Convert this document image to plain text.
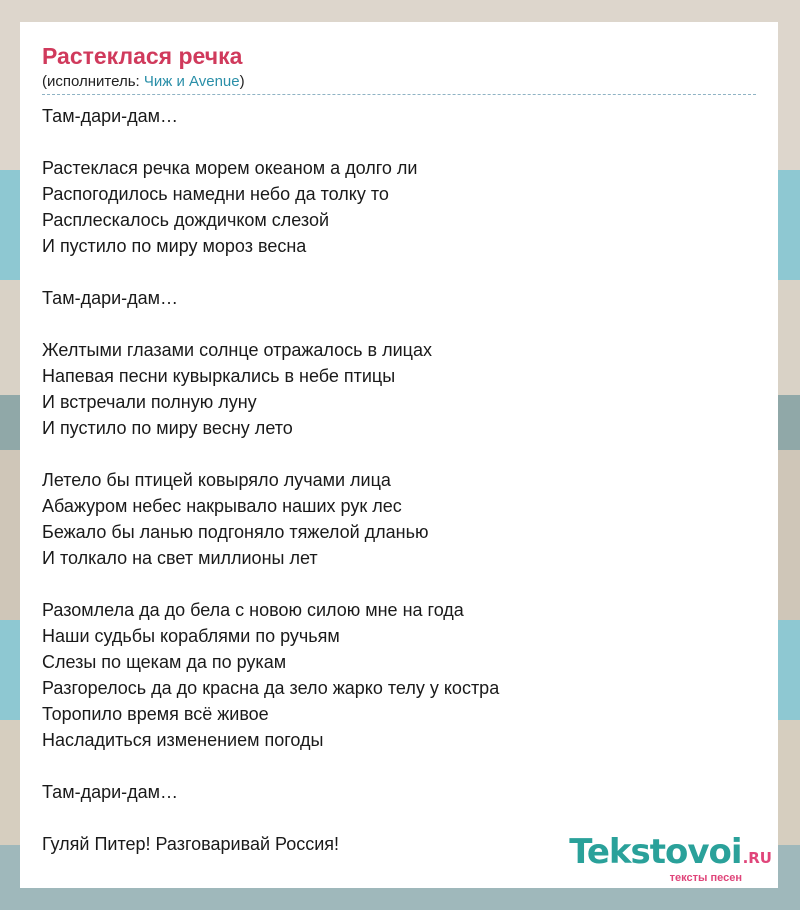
Растеклася речка
(исполнитель: Чиж и Avenue)
Там-дари-дам…
Растеклася речка морем океаном а долго ли
Распогодилось намедни небо да толку то
Расплескалось дождичком слезой
И пустило по миру мороз весна
Там-дари-дам…
Желтыми глазами солнце отражалось в лицах
Напевая песни кувыркались в небе птицы
И встречали полную луну
И пустило по миру весну лето
Летело бы птицей ковыряло лучами лица
Абажуром небес накрывало наших рук лес
Бежало бы ланью подгоняло тяжелой дланью
И толкало на свет миллионы лет
Разомлела да до бела с новою силою мне на года
Наши судьбы кораблями по ручьям
Слезы по щекам да по рукам
Разгорелось да до красна да зело жарко телу у костра
Торопило время всё живое
Насладиться изменением погоды
Там-дари-дам…
Гуляй Питер! Разговаривай Россия!	Tekstovoi.RU
тексты песен
